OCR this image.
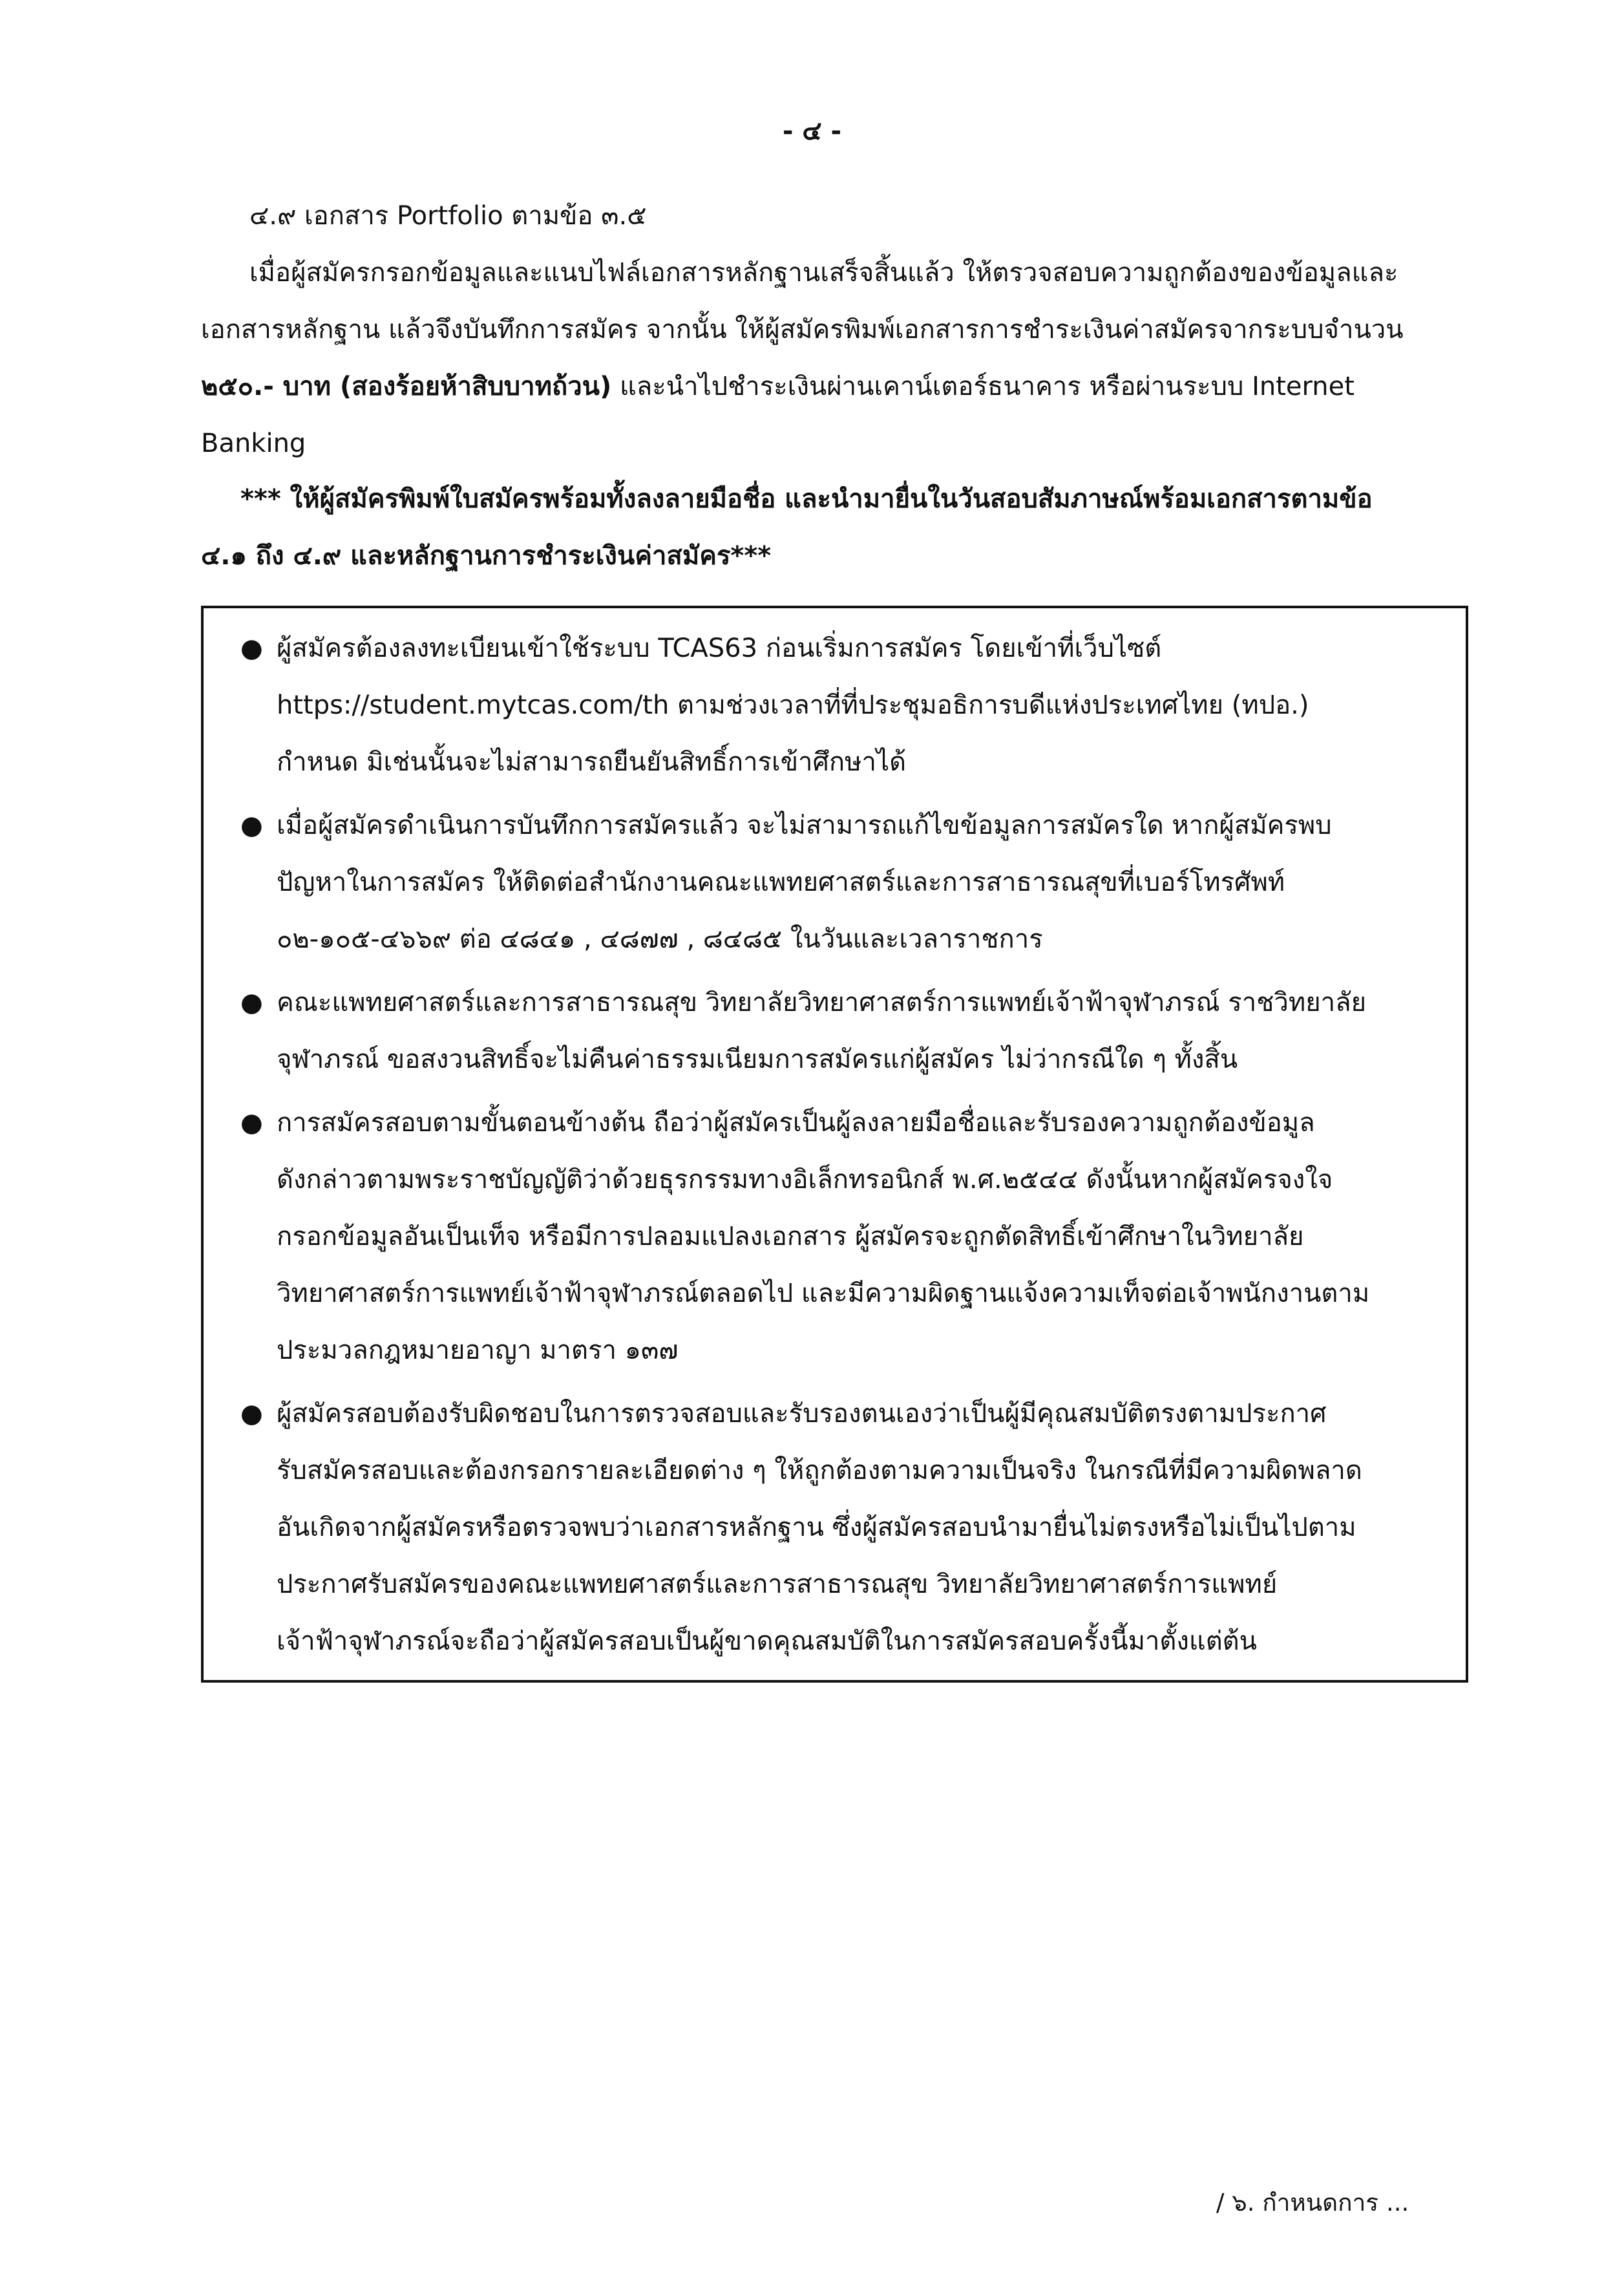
- ๔ -
๔.๙ เอกสาร Portfolio ตามข้อ ๓.๕
เมื่อผู้สมัครกรอกข้อมูลและแนบไฟล์เอกสารหลักฐานเสร็จสิ้นแล้ว ให้ตรวจสอบความถูกต้องของข้อมูลและ
เอกสารหลักฐาน แล้วจึงบันทึกการสมัคร จากนั้น ให้ผู้สมัครพิมพ์เอกสารการชำระเงินค่าสมัครจากระบบจำนวน
๒๕๐.- บาท (สองร้อยห้าสิบบาทถ้วน) และนำไปชำระเงินผ่านเคาน์เตอร์ธนาคาร หรือผ่านระบบ Internet
Banking
*** ให้ผู้สมัครพิมพ์ใบสมัครพร้อมทั้งลงลายมือชื่อ และนำมายื่นในวันสอบสัมภาษณ์พร้อมเอกสารตามข้อ
๔.๑ ถึง ๔.๙ และหลักฐานการชำระเงินค่าสมัคร***
● ผู้สมัครต้องลงทะเบียนเข้าใช้ระบบ TCAS63 ก่อนเริ่มการสมัคร โดยเข้าที่เว็บไซต์
https://student.mytcas.com/th ตามช่วงเวลาที่ที่ประชุมอธิการบดีแห่งประเทศไทย (ทปอ.)
กำหนด มิเช่นนั้นจะไม่สามารถยืนยันสิทธิ์การเข้าศึกษาได้
● เมื่อผู้สมัครดำเนินการบันทึกการสมัครแล้ว จะไม่สามารถแก้ไขข้อมูลการสมัครใด หากผู้สมัครพบ
ปัญหาในการสมัคร ให้ติดต่อสำนักงานคณะแพทยศาสตร์และการสาธารณสุขที่เบอร์โทรศัพท์
๐๒-๑๐๕-๔๖๖๙ ต่อ ๔๘๔๑ , ๔๘๗๗ , ๘๔๘๕ ในวันและเวลาราชการ
● คณะแพทยศาสตร์และการสาธารณสุข วิทยาลัยวิทยาศาสตร์การแพทย์เจ้าฟ้าจุฬาภรณ์ ราชวิทยาลัย
จุฬาภรณ์ ขอสงวนสิทธิ์จะไม่คืนค่าธรรมเนียมการสมัครแก่ผู้สมัคร ไม่ว่ากรณีใด ๆ ทั้งสิ้น
● การสมัครสอบตามขั้นตอนข้างต้น ถือว่าผู้สมัครเป็นผู้ลงลายมือชื่อและรับรองความถูกต้องข้อมูล
ดังกล่าวตามพระราชบัญญัติว่าด้วยธุรกรรมทางอิเล็กทรอนิกส์ พ.ศ.๒๕๔๔ ดังนั้นหากผู้สมัครจงใจ
กรอกข้อมูลอันเป็นเท็จ หรือมีการปลอมแปลงเอกสาร ผู้สมัครจะถูกตัดสิทธิ์เข้าศึกษาในวิทยาลัย
วิทยาศาสตร์การแพทย์เจ้าฟ้าจุฬาภรณ์ตลอดไป และมีความผิดฐานแจ้งความเท็จต่อเจ้าพนักงานตาม
ประมวลกฎหมายอาญา มาตรา ๑๓๗
● ผู้สมัครสอบต้องรับผิดชอบในการตรวจสอบและรับรองตนเองว่าเป็นผู้มีคุณสมบัติตรงตามประกาศ
รับสมัครสอบและต้องกรอกรายละเอียดต่าง ๆ ให้ถูกต้องตามความเป็นจริง ในกรณีที่มีความผิดพลาด
อันเกิดจากผู้สมัครหรือตรวจพบว่าเอกสารหลักฐาน ซึ่งผู้สมัครสอบนำมายื่นไม่ตรงหรือไม่เป็นไปตาม
ประกาศรับสมัครของคณะแพทยศาสตร์และการสาธารณสุข วิทยาลัยวิทยาศาสตร์การแพทย์
เจ้าฟ้าจุฬาภรณ์จะถือว่าผู้สมัครสอบเป็นผู้ขาดคุณสมบัติในการสมัครสอบครั้งนี้มาตั้งแต่ต้น
/ ๖. กำหนดการ ...
